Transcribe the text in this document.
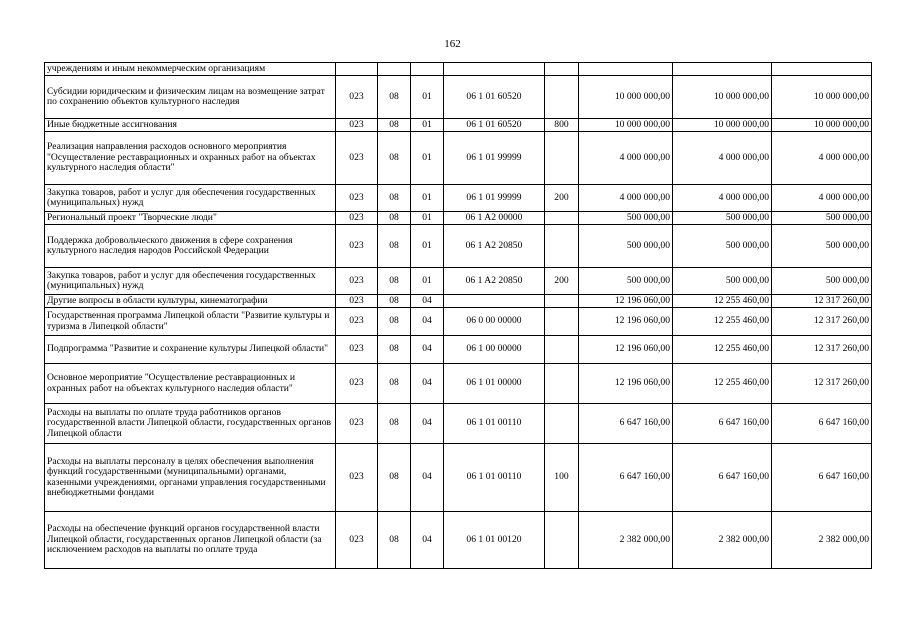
162
учреждениям и иным некоммерческим организациям								
Субсидии юридическим и физическим лицам на возмещение затрат по сохранению объектов культурного наследия	023	08	01	06 1 01 60520		10 000 000,00	10 000 000,00	10 000 000,00
Иные бюджетные ассигнования	023	08	01	06 1 01 60520	800	10 000 000,00	10 000 000,00	10 000 000,00
Реализация направления расходов основного мероприятия "Осуществление реставрационных и охранных работ на объектах культурного наследия области"	023	08	01	06 1 01 99999		4 000 000,00	4 000 000,00	4 000 000,00
Закупка товаров, работ и услуг для обеспечения государственных (муниципальных) нужд	023	08	01	06 1 01 99999	200	4 000 000,00	4 000 000,00	4 000 000,00
Региональный проект "Творческие люди"	023	08	01	06 1 A2 00000		500 000,00	500 000,00	500 000,00
Поддержка добровольческого движения в сфере сохранения культурного наследия народов Российской Федерации	023	08	01	06 1 A2 20850		500 000,00	500 000,00	500 000,00
Закупка товаров, работ и услуг для обеспечения государственных (муниципальных) нужд	023	08	01	06 1 A2 20850	200	500 000,00	500 000,00	500 000,00
Другие вопросы в области культуры, кинематографии	023	08	04			12 196 060,00	12 255 460,00	12 317 260,00
Государственная программа Липецкой области "Развитие культуры и туризма в Липецкой области"	023	08	04	06 0 00 00000		12 196 060,00	12 255 460,00	12 317 260,00
Подпрограмма "Развитие и сохранение культуры Липецкой области"	023	08	04	06 1 00 00000		12 196 060,00	12 255 460,00	12 317 260,00
Основное мероприятие "Осуществление реставрационных и охранных работ на объектах культурного наследия области"	023	08	04	06 1 01 00000		12 196 060,00	12 255 460,00	12 317 260,00
Расходы на выплаты по оплате труда работников органов государственной власти Липецкой области, государственных органов Липецкой области	023	08	04	06 1 01 00110		6 647 160,00	6 647 160,00	6 647 160,00
Расходы на выплаты персоналу в целях обеспечения выполнения функций государственными (муниципальными) органами, казенными учреждениями, органами управления государственными внебюджетными фондами	023	08	04	06 1 01 00110	100	6 647 160,00	6 647 160,00	6 647 160,00
Расходы на обеспечение функций органов государственной власти Липецкой области, государственных органов Липецкой области (за исключением расходов на выплаты по оплате труда	023	08	04	06 1 01 00120		2 382 000,00	2 382 000,00	2 382 000,00
